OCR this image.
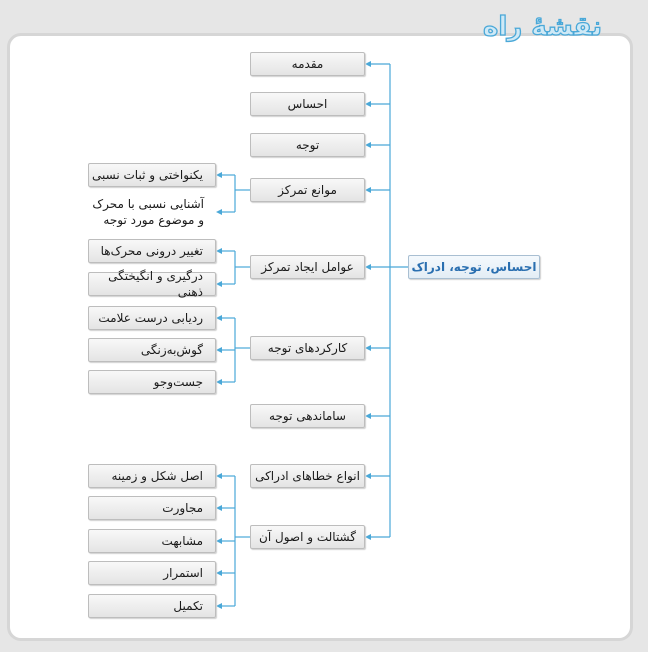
نقشهٔ راه
احساس، توجه، ادراک
مقدمه
احساس
توجه
موانع تمرکز
عوامل ایجاد تمرکز
کارکردهای توجه
ساماندهی توجه
انواع خطاهای ادراکی
گشتالت و اصول آن
یکنواختی و ثبات نسبی
آشنایی نسبی با محرک و موضوع مورد توجه
تغییر درونی محرک‌ها
درگیری و انگیختگی ذهنی
ردیابی درست علامت
گوش‌به‌زنگی
جست‌وجو
اصل شکل و زمینه
مجاورت
مشابهت
استمرار
تکمیل
